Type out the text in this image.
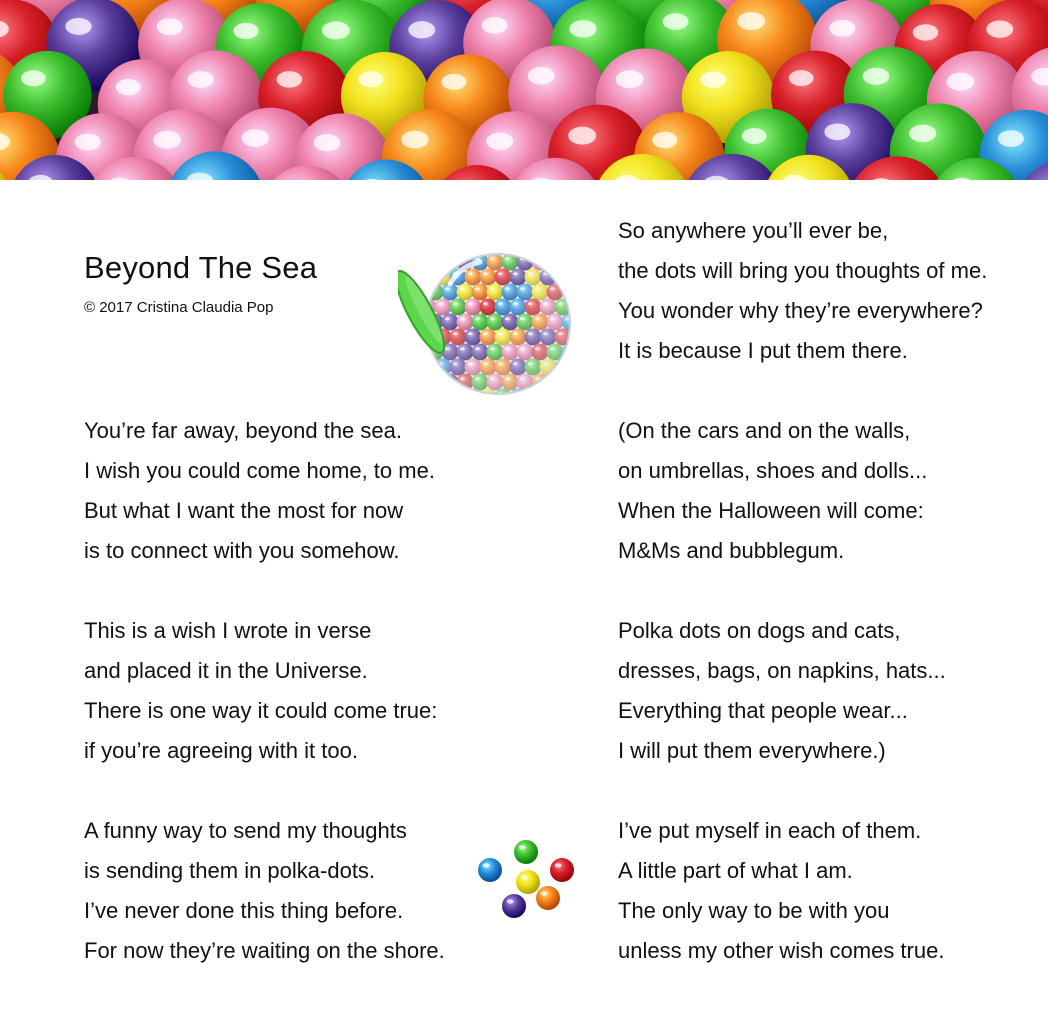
Beyond The Sea
© 2017 Cristina Claudia Pop
You’re far away, beyond the sea.
I wish you could come home, to me.
But what I want the most for now
is to connect with you somehow.
This is a wish I wrote in verse
and placed it in the Universe.
There is one way it could come true:
if you’re agreeing with it too.
A funny way to send my thoughts
is sending them in polka-dots.
I’ve never done this thing before.
For now they’re waiting on the shore.
So anywhere you’ll ever be,
the dots will bring you thoughts of me.
You wonder why they’re everywhere?
It is because I put them there.
(On the cars and on the walls,
on umbrellas, shoes and dolls...
When the Halloween will come:
M&Ms and bubblegum.
Polka dots on dogs and cats,
dresses, bags, on napkins, hats...
Everything that people wear...
I will put them everywhere.)
I’ve put myself in each of them.
A little part of what I am.
The only way to be with you
unless my other wish comes true.
